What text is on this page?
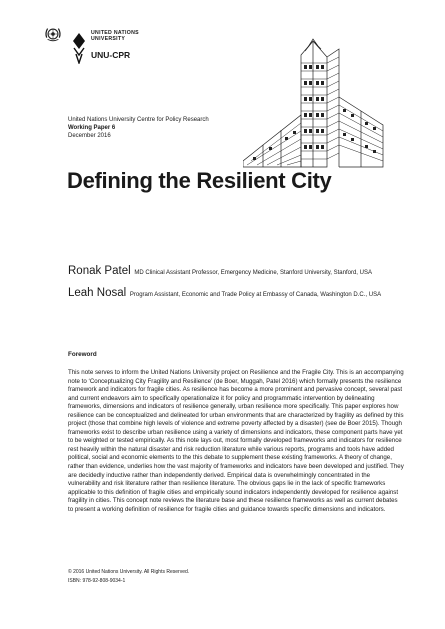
UNITED NATIONS
UNIVERSITY
UNU-CPR
United Nations University Centre for Policy Research
Working Paper 6
December 2016
Defining the Resilient City
Ronak Patel MD Clinical Assistant Professor, Emergency Medicine, Stanford University, Stanford, USA
Leah Nosal Program Assistant, Economic and Trade Policy at Embassy of Canada, Washington D.C., USA
Foreword
This note serves to inform the United Nations University project on Resilience and the Fragile City. This is an accompanying note to ‘Conceptualizing City Fragility and Resilience’ (de Boer, Muggah, Patel 2016) which formally presents the resilience framework and indicators for fragile cities. As resilience has become a more prominent and pervasive concept, several past and current endeavors aim to specifically operationalize it for policy and programmatic intervention by delineating frameworks, dimensions and indicators of resilience generally, urban resilience more specifically. This paper explores how resilience can be conceptualized and delineated for urban environments that are characterized by fragility as defined by this project (those that combine high levels of violence and extreme poverty affected by a disaster) (see de Boer 2015). Though frameworks exist to describe urban resilience using a variety of dimensions and indicators, these component parts have yet to be weighted or tested empirically. As this note lays out, most formally developed frameworks and indicators for resilience rest heavily within the natural disaster and risk reduction literature while various reports, programs and tools have added political, social and economic elements to the this debate to supplement these existing frameworks. A theory of change, rather than evidence, underlies how the vast majority of frameworks and indicators have been developed and justified. They are decidedly inductive rather than independently derived. Empirical data is overwhelmingly concentrated in the vulnerability and risk literature rather than resilience literature. The obvious gaps lie in the lack of specific frameworks applicable to this definition of fragile cities and empirically sound indicators independently developed for resilience against fragility in cities. This concept note reviews the literature base and these resilience frameworks as well as current debates to present a working definition of resilience for fragile cities and guidance towards specific dimensions and indicators.
© 2016 United Nations University. All Rights Reserved.
ISBN: 978-92-808-9034-1
